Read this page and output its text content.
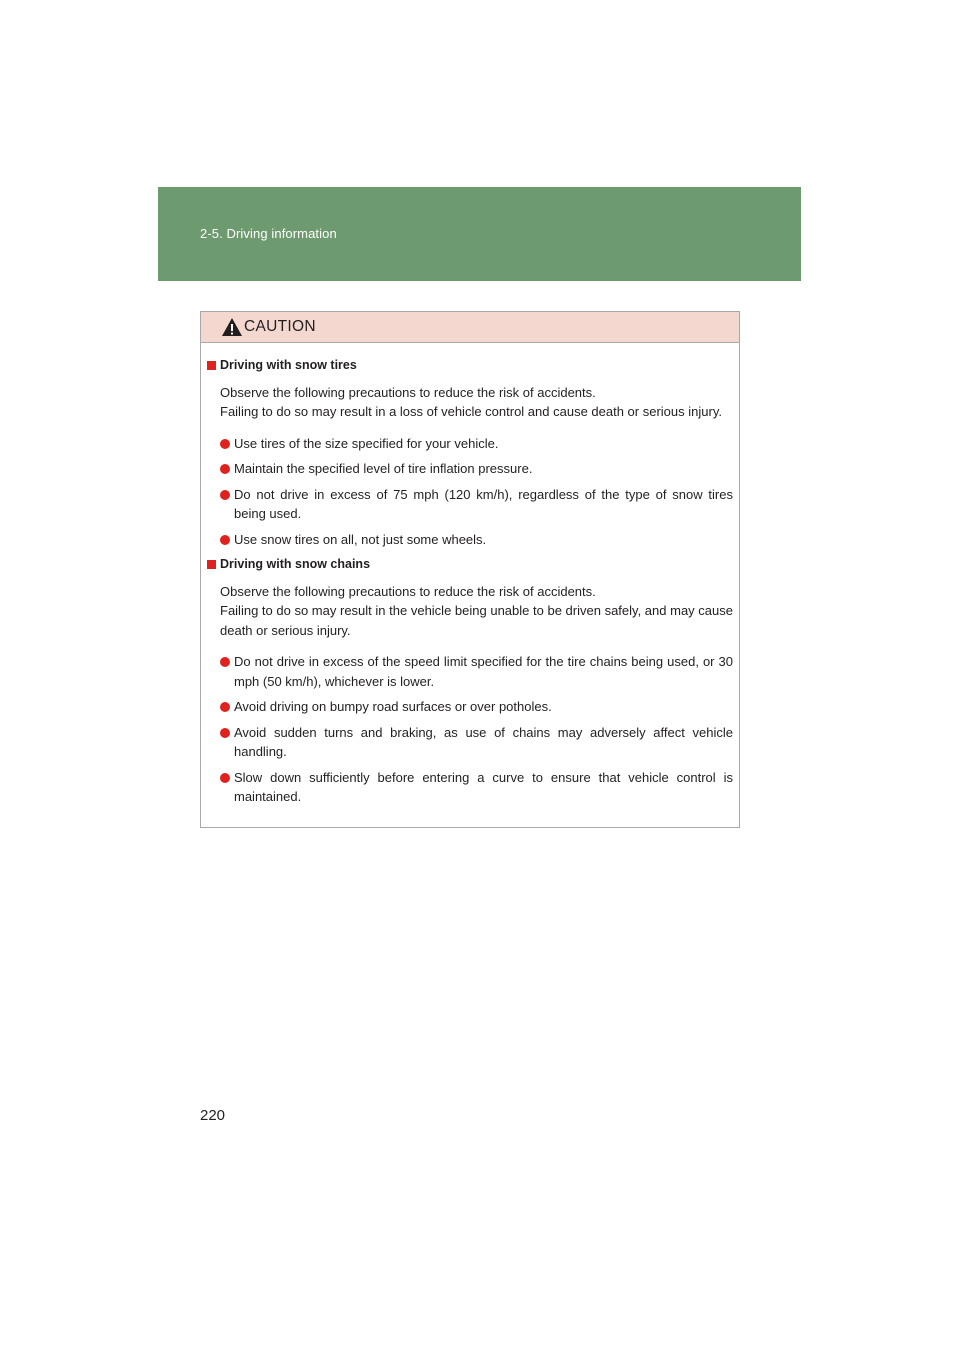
2-5. Driving information
CAUTION

Driving with snow tires

Observe the following precautions to reduce the risk of accidents.
Failing to do so may result in a loss of vehicle control and cause death or serious injury.
Use tires of the size specified for your vehicle.
Maintain the specified level of tire inflation pressure.
Do not drive in excess of 75 mph (120 km/h), regardless of the type of snow tires being used.
Use snow tires on all, not just some wheels.

Driving with snow chains

Observe the following precautions to reduce the risk of accidents.
Failing to do so may result in the vehicle being unable to be driven safely, and may cause death or serious injury.
Do not drive in excess of the speed limit specified for the tire chains being used, or 30 mph (50 km/h), whichever is lower.
Avoid driving on bumpy road surfaces or over potholes.
Avoid sudden turns and braking, as use of chains may adversely affect vehicle handling.
Slow down sufficiently before entering a curve to ensure that vehicle control is maintained.
220
